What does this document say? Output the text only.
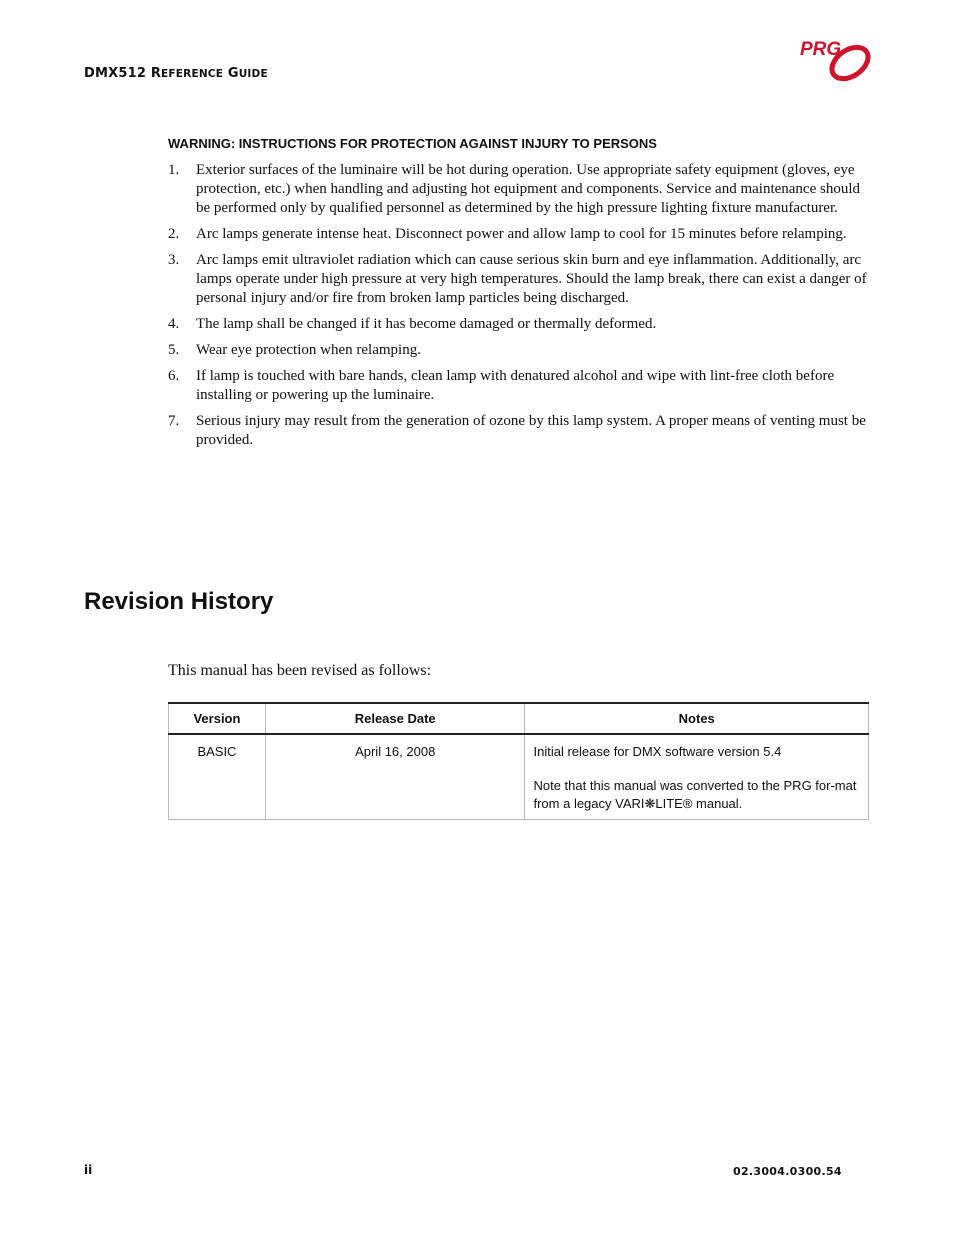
DMX512 REFERENCE GUIDE
PRG
WARNING: INSTRUCTIONS FOR PROTECTION AGAINST INJURY TO PERSONS
1. Exterior surfaces of the luminaire will be hot during operation. Use appropriate safety equipment (gloves, eye protection, etc.) when handling and adjusting hot equipment and components. Service and maintenance should be performed only by qualified personnel as determined by the high pressure lighting fixture manufacturer.
2. Arc lamps generate intense heat. Disconnect power and allow lamp to cool for 15 minutes before relamping.
3. Arc lamps emit ultraviolet radiation which can cause serious skin burn and eye inflammation. Additionally, arc lamps operate under high pressure at very high temperatures. Should the lamp break, there can exist a danger of personal injury and/or fire from broken lamp particles being discharged.
4. The lamp shall be changed if it has become damaged or thermally deformed.
5. Wear eye protection when relamping.
6. If lamp is touched with bare hands, clean lamp with denatured alcohol and wipe with lint-free cloth before installing or powering up the luminaire.
7. Serious injury may result from the generation of ozone by this lamp system. A proper means of venting must be provided.
Revision History
This manual has been revised as follows:
Version	Release Date	Notes
BASIC	April 16, 2008	Initial release for DMX software version 5.4

Note that this manual was converted to the PRG for-mat from a legacy VARI❋LITE® manual.

ii	02.3004.0300.54
